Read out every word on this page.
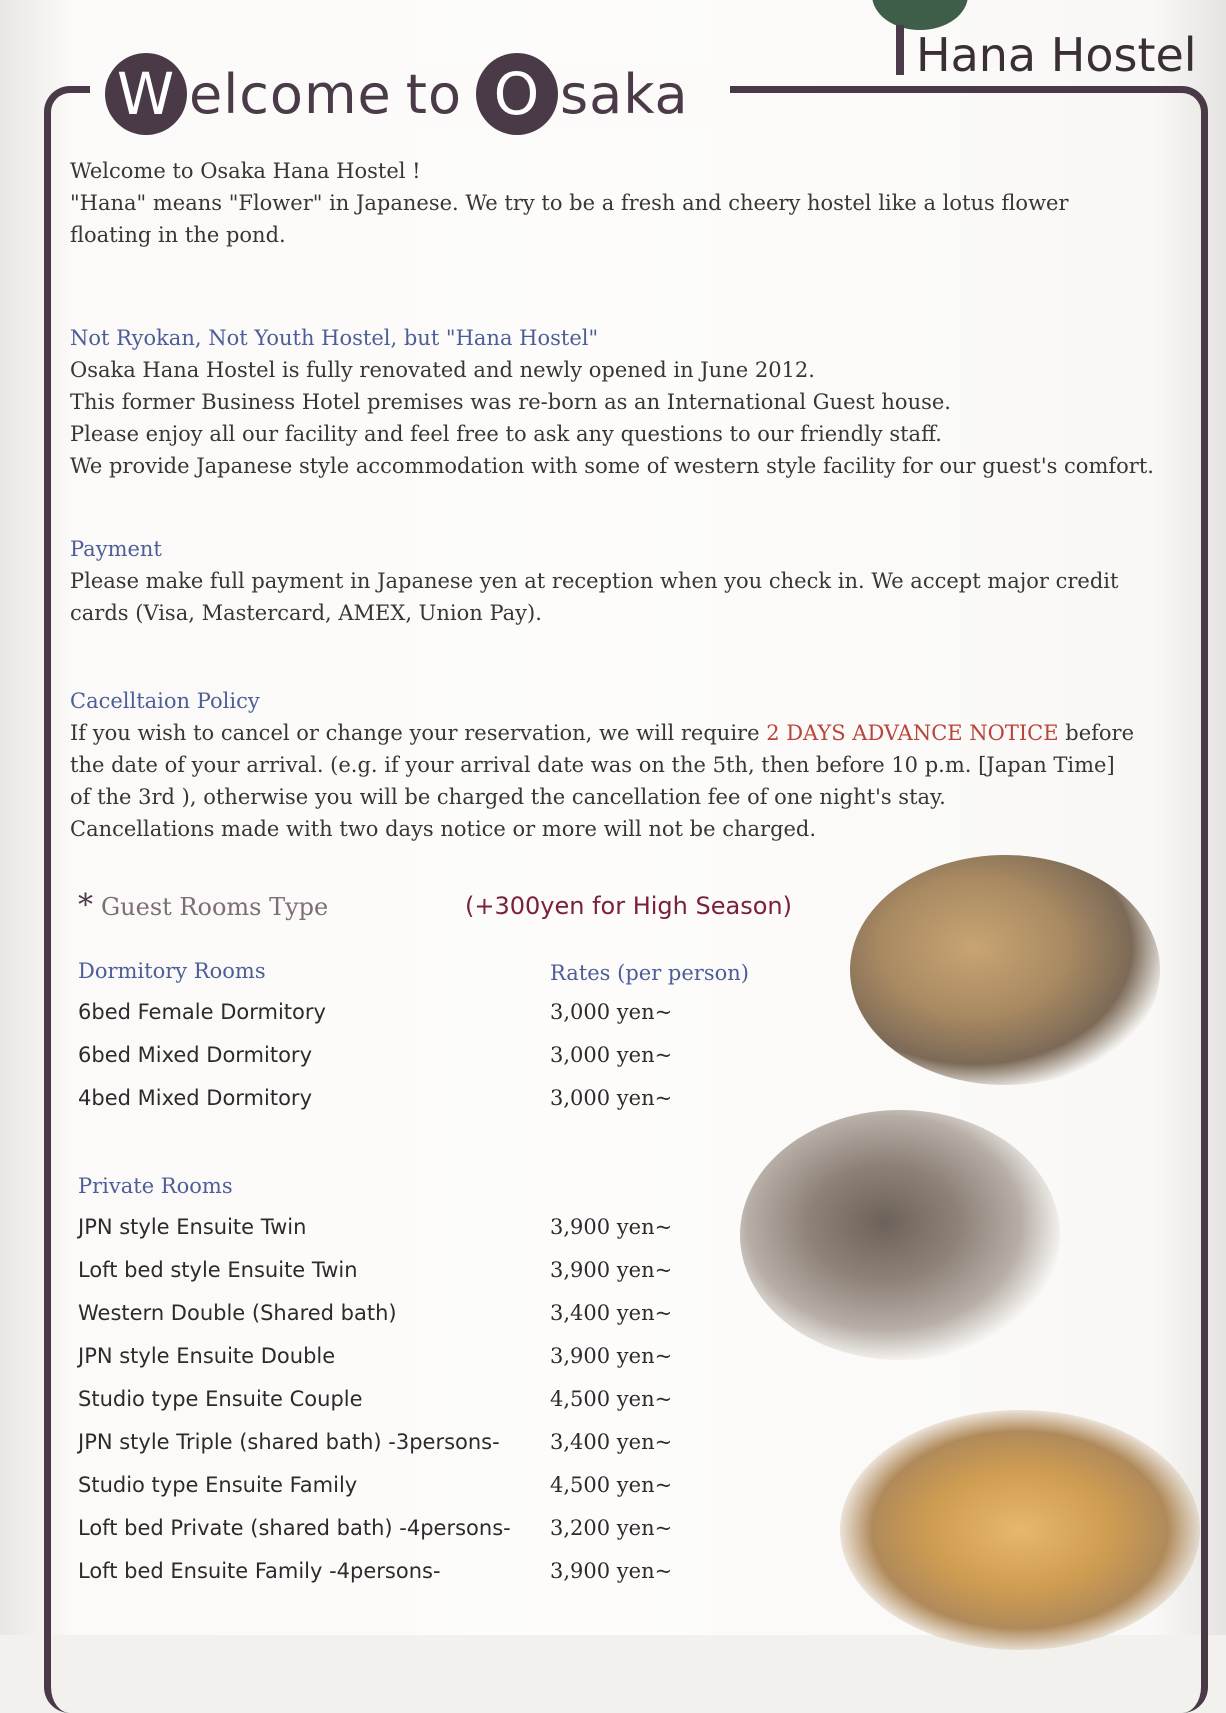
W elcome to O saka
Hana Hostel
Welcome to Osaka Hana Hostel !
"Hana" means "Flower" in Japanese. We try to be a fresh and cheery hostel like a lotus flower
floating in the pond.
Not Ryokan, Not Youth Hostel, but "Hana Hostel"
Osaka Hana Hostel is fully renovated and newly opened in June 2012.
This former Business Hotel premises was re-born as an International Guest house.
Please enjoy all our facility and feel free to ask any questions to our friendly staff.
We provide Japanese style accommodation with some of western style facility for our guest's comfort.
Payment
Please make full payment in Japanese yen at reception when you check in. We accept major credit
cards (Visa, Mastercard, AMEX, Union Pay).
Cacelltaion Policy
If you wish to cancel or change your reservation, we will require 2 DAYS ADVANCE NOTICE before
the date of your arrival. (e.g. if your arrival date was on the 5th, then before 10 p.m. [Japan Time]
of the 3rd ), otherwise you will be charged the cancellation fee of one night's stay.
Cancellations made with two days notice or more will not be charged.
* Guest Rooms Type	(+300yen for High Season)
Dormitory Rooms	Rates (per person)
6bed Female Dormitory	3,000 yen~
6bed Mixed Dormitory	3,000 yen~
4bed Mixed Dormitory	3,000 yen~
Private Rooms
JPN style Ensuite Twin	3,900 yen~
Loft bed style Ensuite Twin	3,900 yen~
Western Double (Shared bath)	3,400 yen~
JPN style Ensuite Double	3,900 yen~
Studio type Ensuite Couple	4,500 yen~
JPN style Triple (shared bath) -3persons-	3,400 yen~
Studio type Ensuite Family	4,500 yen~
Loft bed Private (shared bath) -4persons-	3,200 yen~
Loft bed Ensuite Family -4persons-	3,900 yen~
